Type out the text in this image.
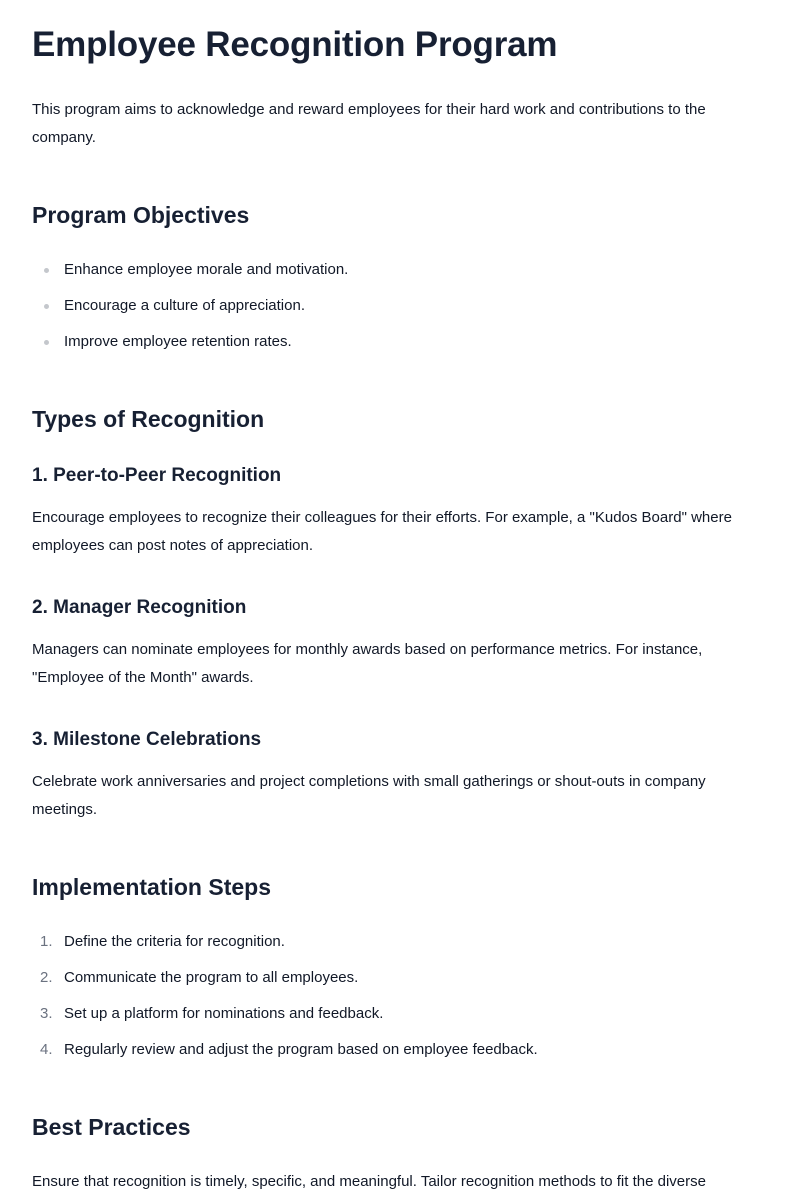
Employee Recognition Program

This program aims to acknowledge and reward employees for their hard work and contributions to the company.

Program Objectives
Enhance employee morale and motivation.
Encourage a culture of appreciation.
Improve employee retention rates.
Types of Recognition
1. Peer-to-Peer Recognition

Encourage employees to recognize their colleagues for their efforts. For example, a "Kudos Board" where employees can post notes of appreciation.

2. Manager Recognition

Managers can nominate employees for monthly awards based on performance metrics. For instance, "Employee of the Month" awards.

3. Milestone Celebrations

Celebrate work anniversaries and project completions with small gatherings or shout-outs in company meetings.

Implementation Steps
1. Define the criteria for recognition.
2. Communicate the program to all employees.
3. Set up a platform for nominations and feedback.
4. Regularly review and adjust the program based on employee feedback.
Best Practices

Ensure that recognition is timely, specific, and meaningful. Tailor recognition methods to fit the diverse
